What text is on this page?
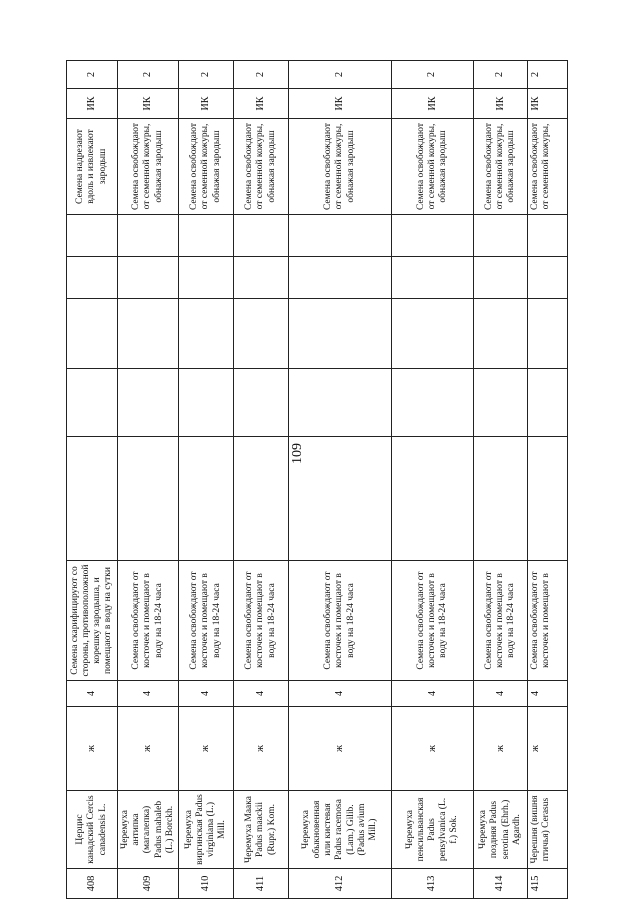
109
408	Церцис канадский Cercis canadensis L.	ж	4	Семена скарифицируют со стороны, противоположной корешку зародыша, и помещают в воду на сутки						Семена надрезают вдоль и извлекают зародыш	ИК	2
409	Черемуха антипка (магалепка) Padus mahaleb (L.) Borckh.	ж	4	Семена освобождают от косточек и помещают в воду на 18-24 часа						Семена освобождают от семенной кожуры, обнажая зародыш	ИК	2
410	Черемуха виргинская Padus virginiana (L.) Mill.	ж	4	Семена освобождают от косточек и помещают в воду на 18-24 часа						Семена освобождают от семенной кожуры, обнажая зародыш	ИК	2
411	Черемуха Маака Padus maackii (Rupr.) Kom.	ж	4	Семена освобождают от косточек и помещают в воду на 18-24 часа						Семена освобождают от семенной кожуры, обнажая зародыш	ИК	2
412	Черемуха обыкновенная или кистевая Padus racemosa (Lam.) Gilib. (Padus avium Mill.)	ж	4	Семена освобождают от косточек и помещают в воду на 18-24 часа						Семена освобождают от семенной кожуры, обнажая зародыш	ИК	2
413	Черемуха пенсильванская Padus pensylvanica (L. f.) Sok.	ж	4	Семена освобождают от косточек и помещают в воду на 18-24 часа						Семена освобождают от семенной кожуры, обнажая зародыш	ИК	2
414	Черемуха поздняя Padus serotina (Ehrh.) Agardh.	ж	4	Семена освобождают от косточек и помещают в воду на 18-24 часа						Семена освобождают от семенной кожуры, обнажая зародыш	ИК	2
415	Черешня (вишня птичья) Cerasus	ж	4	Семена освобождают от косточек и помещают в						Семена освобождают от семенной кожуры,	ИК	2
